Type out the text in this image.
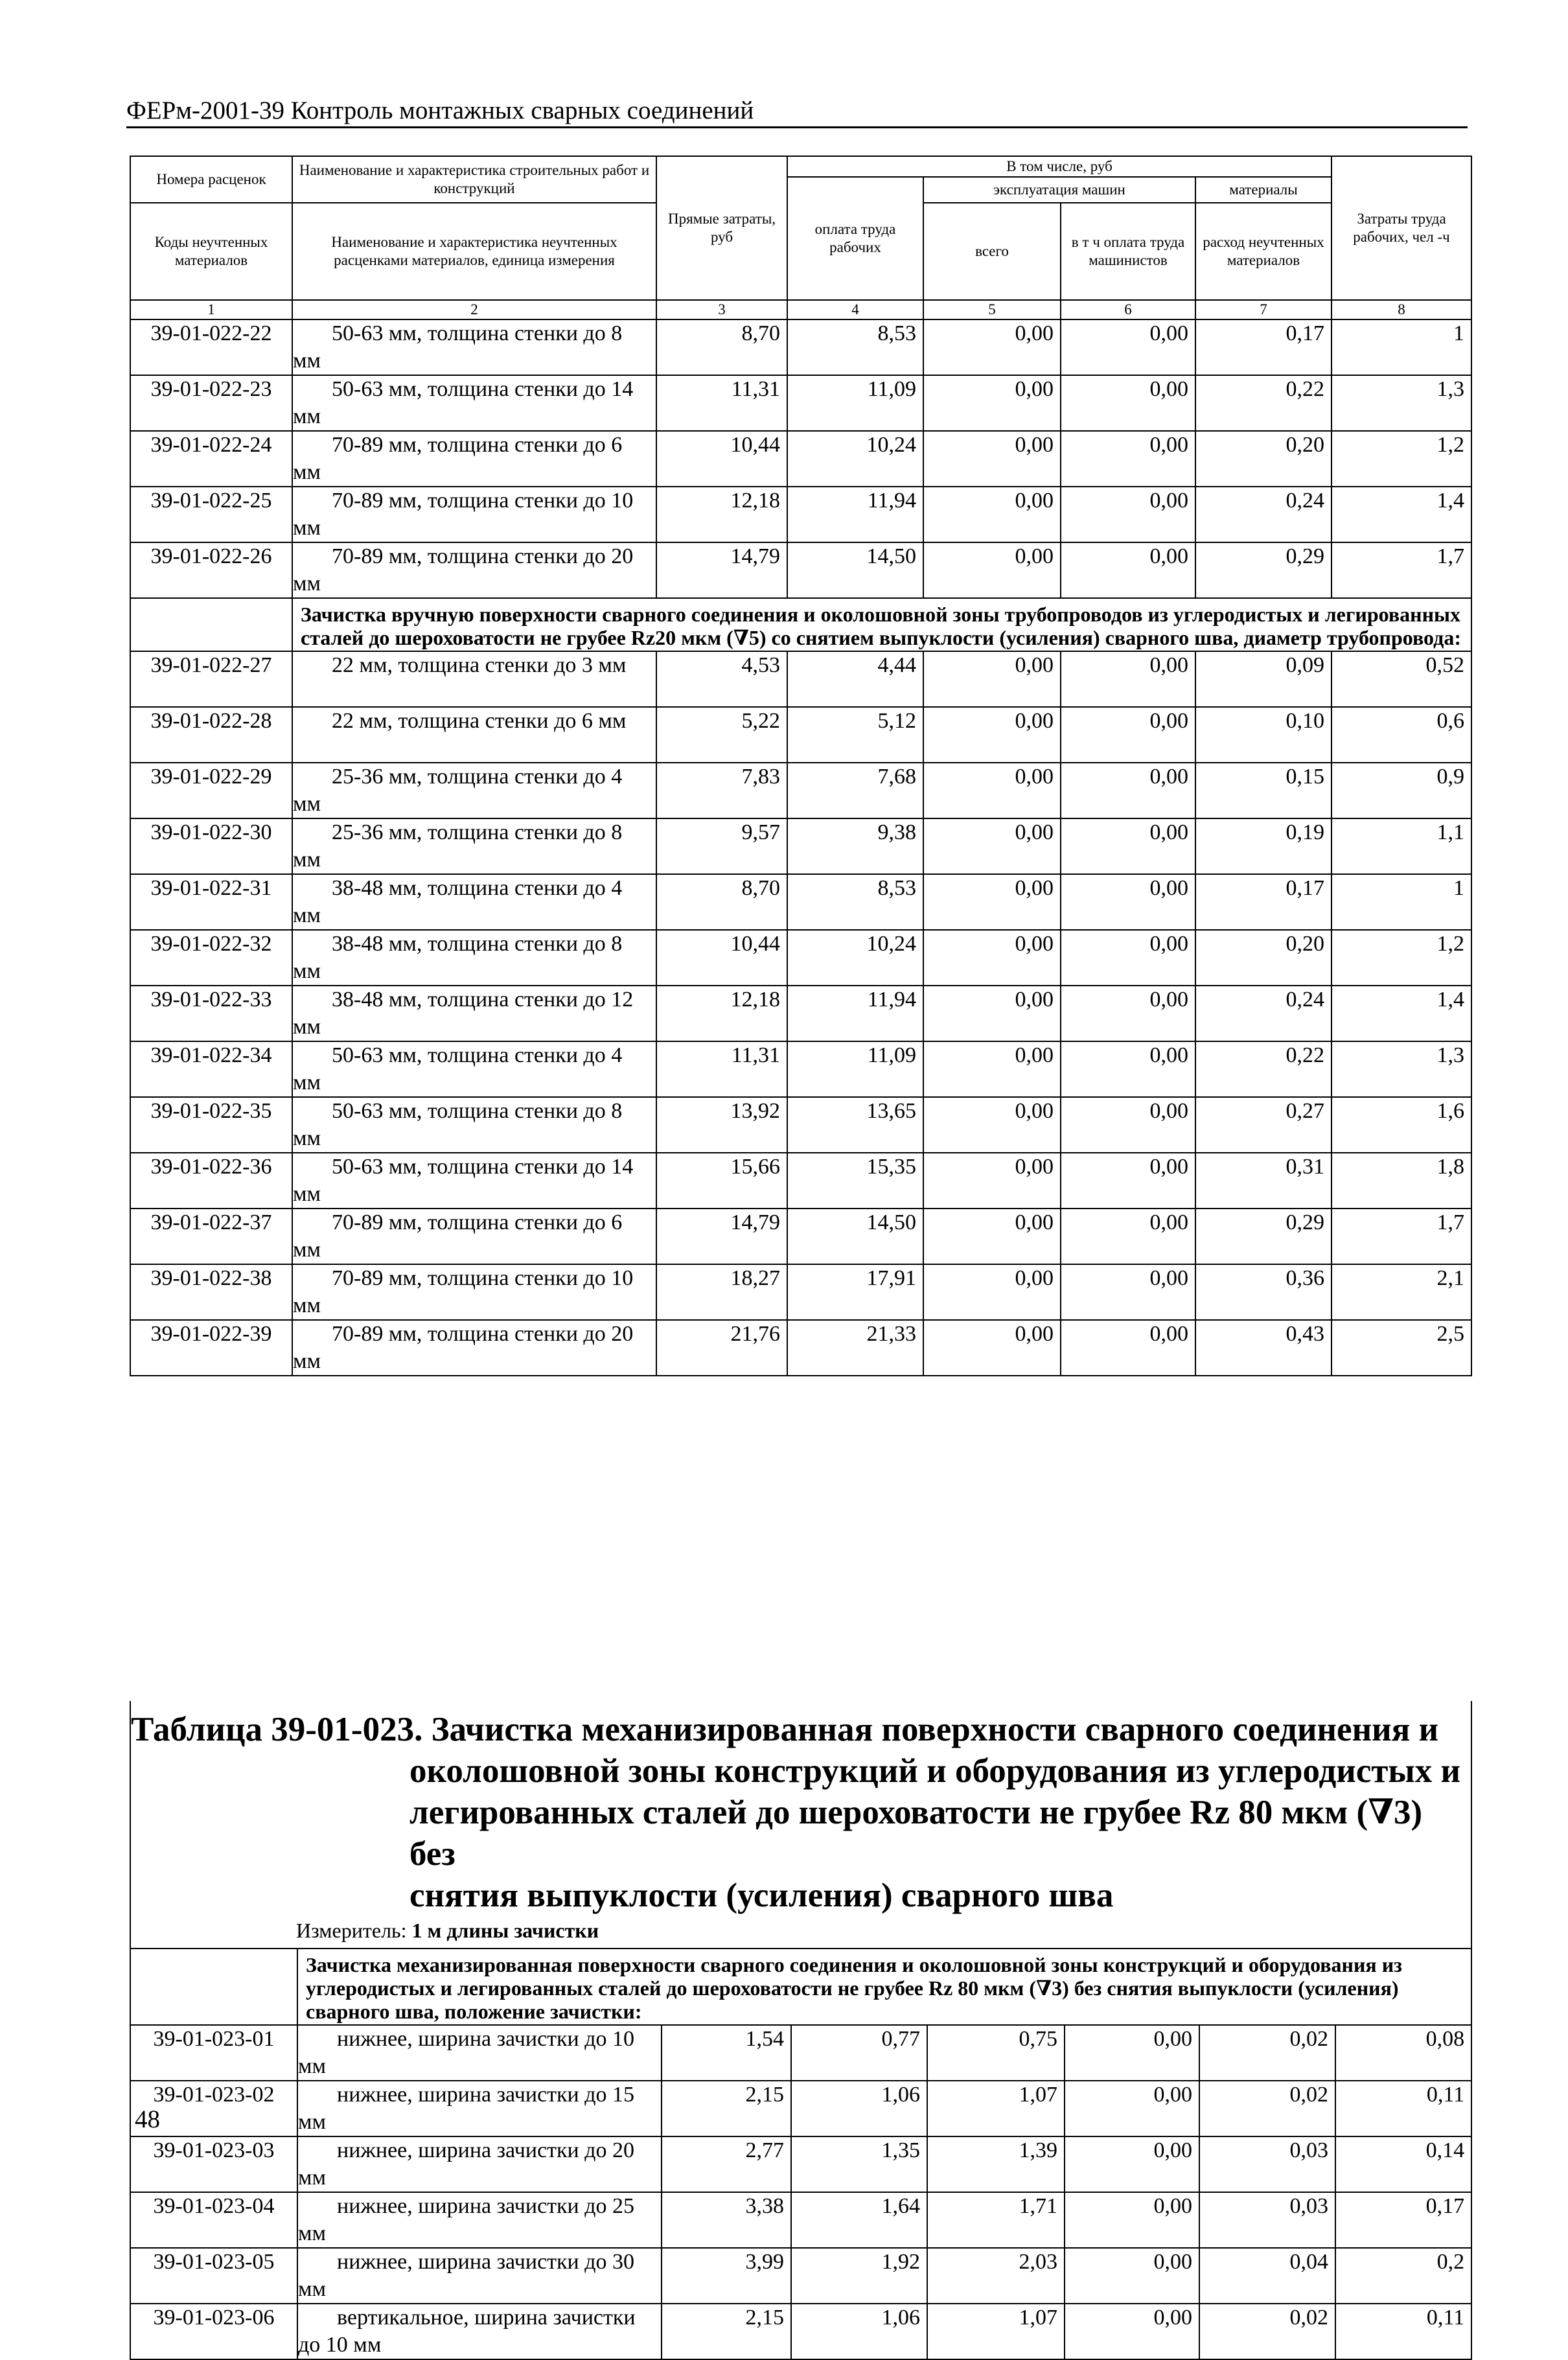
ФЕРм-2001-39 Контроль монтажных сварных соединений
Номера расценок	Наименование и характеристика строительных работ и конструкций	Прямые затраты, руб	В том числе, руб				Затраты труда рабочих, чел -ч
			оплата труда рабочих	эксплуатация машин		материалы	
Коды неучтенных материалов	Наименование и характеристика неучтенных расценками материалов, единица измерения			всего	в т ч оплата труда машинистов	расход неучтенных материалов	

1	2	3	4	5	6	7	8
39-01-022-22	50-63 мм, толщина стенки до 8 мм	8,70	8,53	0,00	0,00	0,17	1
39-01-022-23	50-63 мм, толщина стенки до 14 мм	11,31	11,09	0,00	0,00	0,22	1,3
39-01-022-24	70-89 мм, толщина стенки до 6 мм	10,44	10,24	0,00	0,00	0,20	1,2
39-01-022-25	70-89 мм, толщина стенки до 10 мм	12,18	11,94	0,00	0,00	0,24	1,4
39-01-022-26	70-89 мм, толщина стенки до 20 мм	14,79	14,50	0,00	0,00	0,29	1,7
	Зачистка вручную поверхности сварного соединения и околошовной зоны трубопроводов из углеродистых и легированных сталей до шероховатости не грубее Rz20 мкм (∇5) со снятием выпуклости (усиления) сварного шва, диаметр трубопровода:						
39-01-022-27	22 мм, толщина стенки до 3 мм	4,53	4,44	0,00	0,00	0,09	0,52
39-01-022-28	22 мм, толщина стенки до 6 мм	5,22	5,12	0,00	0,00	0,10	0,6
39-01-022-29	25-36 мм, толщина стенки до 4 мм	7,83	7,68	0,00	0,00	0,15	0,9
39-01-022-30	25-36 мм, толщина стенки до 8 мм	9,57	9,38	0,00	0,00	0,19	1,1
39-01-022-31	38-48 мм, толщина стенки до 4 мм	8,70	8,53	0,00	0,00	0,17	1
39-01-022-32	38-48 мм, толщина стенки до 8 мм	10,44	10,24	0,00	0,00	0,20	1,2
39-01-022-33	38-48 мм, толщина стенки до 12 мм	12,18	11,94	0,00	0,00	0,24	1,4
39-01-022-34	50-63 мм, толщина стенки до 4 мм	11,31	11,09	0,00	0,00	0,22	1,3
39-01-022-35	50-63 мм, толщина стенки до 8 мм	13,92	13,65	0,00	0,00	0,27	1,6
39-01-022-36	50-63 мм, толщина стенки до 14 мм	15,66	15,35	0,00	0,00	0,31	1,8
39-01-022-37	70-89 мм, толщина стенки до 6 мм	14,79	14,50	0,00	0,00	0,29	1,7
39-01-022-38	70-89 мм, толщина стенки до 10 мм	18,27	17,91	0,00	0,00	0,36	2,1
39-01-022-39	70-89 мм, толщина стенки до 20 мм	21,76	21,33	0,00	0,00	0,43	2,5
Таблица 39-01-023. Зачистка механизированная поверхности сварного соединения и
околошовной зоны конструкций и оборудования из углеродистых и
легированных сталей до шероховатости не грубее Rz 80 мкм (∇3) без
снятия выпуклости (усиления) сварного шва
Измеритель: 1 м длины зачистки							

	Зачистка механизированная поверхности сварного соединения и околошовной зоны конструкций и оборудования из углеродистых и легированных сталей до шероховатости не грубее Rz 80 мкм (∇3) без снятия выпуклости (усиления) сварного шва, положение зачистки:						
39-01-023-01	нижнее, ширина зачистки до 10 мм	1,54	0,77	0,75	0,00	0,02	0,08
39-01-023-02	нижнее, ширина зачистки до 15 мм	2,15	1,06	1,07	0,00	0,02	0,11
39-01-023-03	нижнее, ширина зачистки до 20 мм	2,77	1,35	1,39	0,00	0,03	0,14
39-01-023-04	нижнее, ширина зачистки до 25 мм	3,38	1,64	1,71	0,00	0,03	0,17
39-01-023-05	нижнее, ширина зачистки до 30 мм	3,99	1,92	2,03	0,00	0,04	0,2
39-01-023-06	вертикальное, ширина зачистки до 10 мм	2,15	1,06	1,07	0,00	0,02	0,11
48
